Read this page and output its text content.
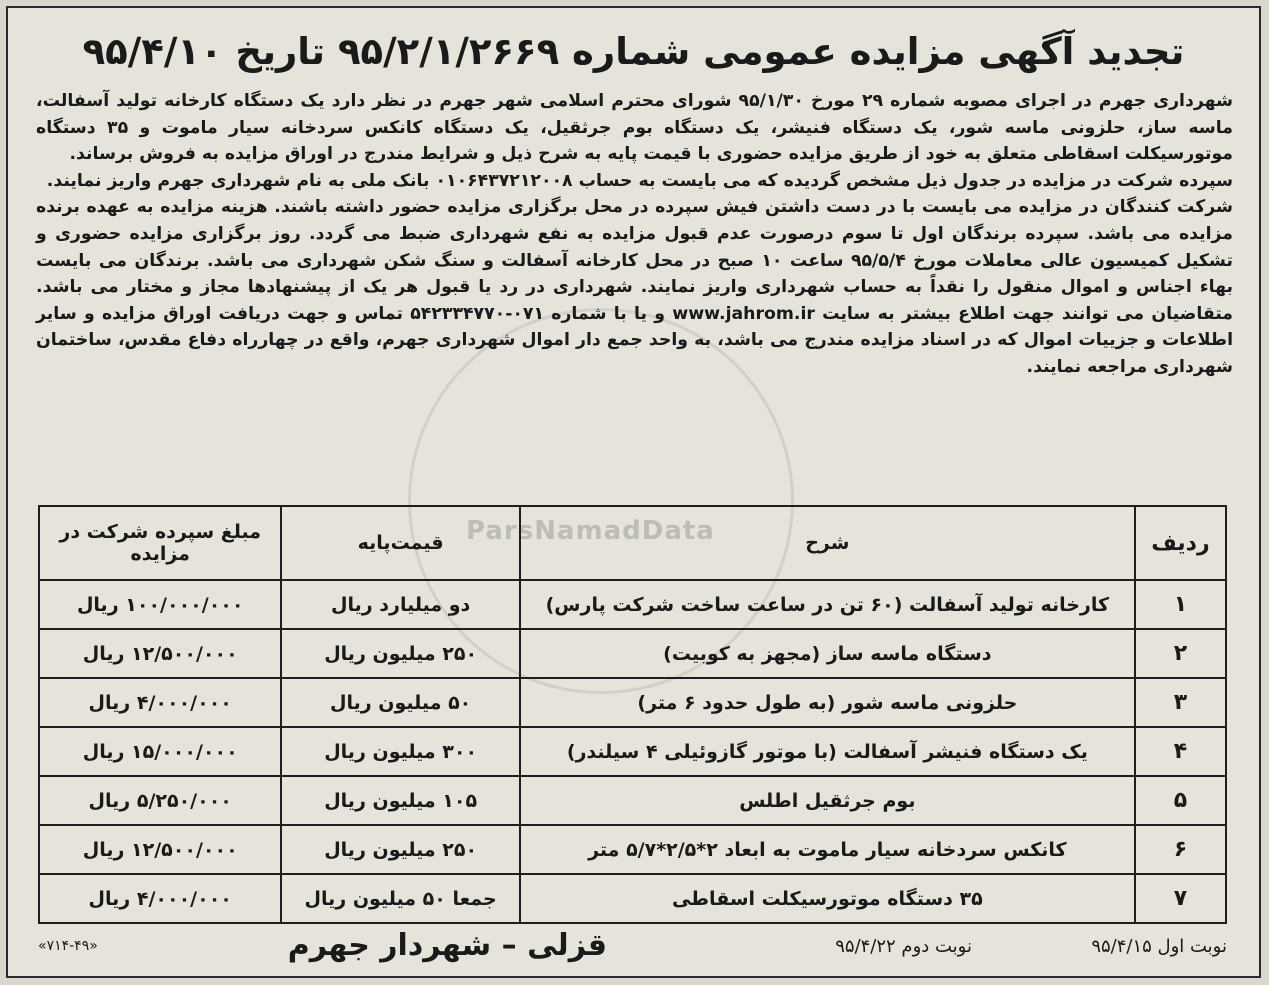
ParsNamadData
تجدید آگهی مزایده عمومی شماره ۹۵/۲/۱/۲۶۶۹ تاریخ ۹۵/۴/۱۰

شهرداری جهرم در اجرای مصوبه شماره ۲۹ مورخ ۹۵/۱/۳۰ شورای محترم اسلامی شهر جهرم در نظر دارد یک دستگاه کارخانه تولید آسفالت، ماسه ساز، حلزونی ماسه شور، یک دستگاه فنیشر، یک دستگاه بوم جرثقیل، یک دستگاه کانکس سردخانه سیار ماموت و ۳۵ دستگاه موتورسیکلت اسقاطی متعلق به خود از طریق مزایده حضوری با قیمت پایه به شرح ذیل و شرایط مندرج در اوراق مزایده به فروش برساند.

سپرده شرکت در مزایده در جدول ذیل مشخص گردیده که می بایست به حساب ۰۱۰۶۴۳۷۲۱۲۰۰۸ بانک ملی به نام شهرداری جهرم واریز نمایند.

شرکت کنندگان در مزایده می بایست با در دست داشتن فیش سپرده در محل برگزاری مزایده حضور داشته باشند. هزینه مزایده به عهده برنده مزایده می باشد. سپرده برندگان اول تا سوم درصورت عدم قبول مزایده به نفع شهرداری ضبط می گردد. روز برگزاری مزایده حضوری و تشکیل کمیسیون عالی معاملات مورخ ۹۵/۵/۴ ساعت ۱۰ صبح در محل کارخانه آسفالت و سنگ شکن شهرداری می باشد. برندگان می بایست بهاء اجناس و اموال منقول را نقداً به حساب شهرداری واریز نمایند. شهرداری در رد یا قبول هر یک از پیشنهادها مجاز و مختار می باشد. متقاضیان می توانند جهت اطلاع بیشتر به سایت www.jahrom.ir و یا با شماره ۰۷۱-۵۴۲۳۳۴۷۷۰ تماس و جهت دریافت اوراق مزایده و سایر اطلاعات و جزییات اموال که در اسناد مزایده مندرج می باشد، به واحد جمع دار اموال شهرداری جهرم، واقع در چهارراه دفاع مقدس، ساختمان شهرداری مراجعه نمایند.

ردیف	شرح	قیمت‌پایه	مبلغ سپرده شرکت در مزایده
۱	کارخانه تولید آسفالت (۶۰ تن در ساعت ساخت شرکت پارس)	دو میلیارد ریال	۱۰۰/۰۰۰/۰۰۰ ریال
۲	دستگاه ماسه ساز (مجهز به کوبیت)	۲۵۰ میلیون ریال	۱۲/۵۰۰/۰۰۰ ریال
۳	حلزونی ماسه شور (به طول حدود ۶ متر)	۵۰ میلیون ریال	۴/۰۰۰/۰۰۰ ریال
۴	یک دستگاه فنیشر آسفالت (با موتور گازوئیلی ۴ سیلندر)	۳۰۰ میلیون ریال	۱۵/۰۰۰/۰۰۰ ریال
۵	بوم جرثقیل اطلس	۱۰۵ میلیون ریال	۵/۲۵۰/۰۰۰ ریال
۶	کانکس سردخانه سیار ماموت به ابعاد ۲*۲/۵*۵/۷ متر	۲۵۰ میلیون ریال	۱۲/۵۰۰/۰۰۰ ریال
۷	۳۵ دستگاه موتورسیکلت اسقاطی	جمعا ۵۰ میلیون ریال	۴/۰۰۰/۰۰۰ ریال
نوبت اول ۹۵/۴/۱۵
نوبت دوم ۹۵/۴/۲۲
قزلی – شهردار جهرم
«۷۱۴-۴۹»
